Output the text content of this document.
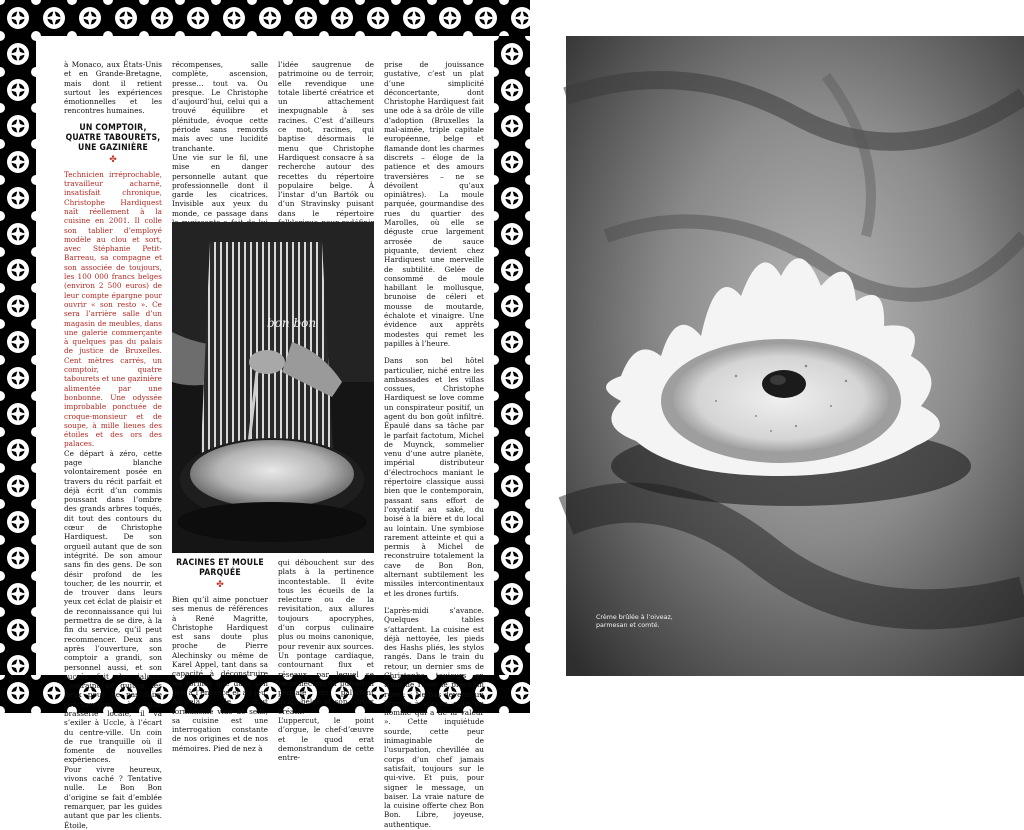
à Monaco, aux États-Unis et en Grande-Bretagne, mais dont il retient surtout les expériences émotionnelles et les rencontres humaines.

UN COMPTOIR, QUATRE TABOURETS, UNE GAZINIÈRE
✤

Technicien irréprochable, travailleur acharné, insatisfait chronique, Christophe Hardiquest naît réellement à la cuisine en 2001. Il colle son tablier d’employé modèle au clou et sort, avec Stéphanie Petit-Barreau, sa compagne et son associée de toujours, les 100 000 francs belges (environ 2 500 euros) de leur compte épargne pour ouvrir « son resto ». Ce sera l’arrière salle d’un magasin de meubles, dans une galerie commerçante à quelques pas du palais de justice de Bruxelles. Cent mètres carrés, un comptoir, quatre tabourets et une gazinière alimentée par une bonbonne. Une odyssée improbable ponctuée de croque-monsieur et de soupe, à mille lieues des étoiles et des ors des palaces.

Ce départ à zéro, cette page blanche volontairement posée en travers du récit parfait et déjà écrit d’un commis poussant dans l’ombre des grands arbres toqués, dit tout des contours du cœur de Christophe Hardiquest. De son orgueil autant que de son intégrité. De son amour sans fin des gens. De son désir profond de les toucher, de les nourrir, et de trouver dans leurs yeux cet éclat de plaisir et de reconnaissance qui lui permettra de se dire, à la fin du service, qu’il peut recommencer. Deux ans après l’ouverture, son comptoir a grandi, son personnel aussi, et son succès fait des jaloux. Contraint de quitter les lieux pour ne pas faire concurrence à une brasserie locale, il va s’exiler à Uccle, à l’écart du centre-ville. Un coin de rue tranquille où il fomente de nouvelles expériences.

Pour vivre heureux, vivons caché ? Tentative nulle. Le Bon Bon d’origine se fait d’emblée remarquer, par les guides autant que par les clients. Étoile,

récompenses, salle complète, ascension, presse… tout va. Ou presque. Le Christophe d’aujourd’hui, celui qui a trouvé équilibre et plénitude, évoque cette période sans remords mais avec une lucidité tranchante.

Une vie sur le fil, une mise en danger personnelle autant que professionnelle dont il garde les cicatrices. Invisible aux yeux du monde, ce passage dans

l’idée saugrenue de patrimoine ou de terroir, elle revendique une totale liberté créatrice et un attachement inexpugnable à ses racines. C’est d’ailleurs ce mot, racines, qui baptise désormais le menu que Christophe Hardiquest consacre à sa recherche autour des recettes du répertoire populaire belge. À l’instar d’un Bartók ou d’un Stravinsky puisant dans le répertoire

prise de jouissance gustative, c’est un plat d’une simplicité déconcertante, dont Christophe Hardiquest fait une ode à sa drôle de ville d’adoption (Bruxelles la mal-aimée, triple capitale européenne, belge et flamande dont les charmes discrets – éloge de la patience et des amours traversières – ne se dévoilent qu’aux opiniâtres). La moule parquée, gourmandise des rues du quartier des Marolles, où elle se déguste crue largement arrosée de sauce piquante, devient chez Hardiquest une merveille de subtilité. Gelée de consommé de moule habillant le mollusque, brunoise de céleri et mousse de moutarde, échalote et vinaigre. Une évidence aux apprêts modestes qui remet les papilles à l’heure.

Dans son bel hôtel particulier, niché entre les ambassades et les villas cossues, Christophe Hardiquest se love comme un conspirateur positif, un agent du bon goût infiltré. Épaulé dans sa tâche par le parfait factotum, Michel de Muynck, sommelier venu d’une autre planète, impérial distributeur d’électrochocs maniant le répertoire classique aussi bien que le contemporain, passant sans effort de l’oxydatif au saké, du boisé à la bière et du local au lointain. Une symbiose rarement atteinte et qui a permis à Michel de reconstruire totalement la cave de Bon Bon, alternant subtilement les missiles intercontinentaux et les drones furtifs.

L’après-midi s’avance. Quelques tables s’attardent. La cuisine est déjà nettoyée, les pieds des Hashs pliés, les stylos rangés. Dans le train du retour, un dernier sms de Christophe, toujours en train de rêver le prochain rêve : « Ne pas devenir un homme à succès, mais un homme qui a de la valeur ». Cette inquiétude sourde, cette peur inimaginable de l’usurpation, chevillée au corps d’un chef jamais satisfait, toujours sur le qui-vive. Et puis, pour signer le message, un baiser. La vraie nature de la cuisine offerte chez Bon Bon. Libre, joyeuse, authentique.

bon bon
RACINES ET MOULE PARQUÉE
✤

Bien qu’il aime ponctuer ses menus de références à René Magritte, Christophe Hardiquest est sans doute plus proche de Pierre Alechinsky ou même de Karel Appel, tant dans sa capacité à déconstruire les formes que dans son lien à l’enfance et au jeu. Au-delà de tout formalisme vide de sens, sa cuisine est une interrogation constante de nos origines et de nos mémoires. Pied de nez à

qui débouchent sur des plats à la pertinence incontestable. Il évite tous les écueils de la relecture ou de la revisitation, aux allures toujours apocryphes, d’un corpus culinaire plus ou moins canonique, pour revenir aux sources. Un pontage cardiaque, contournant flux et réseaux, par lequel se reconnectent la pulsation primale du palpitant belgo-belge et son cortex créatif.

L’uppercut, le point d’orgue, le chef-d’œuvre et le quod erat demonstrandum de cette entre-

Crème brûlée à l’oiveaz, parmesan et comté.
